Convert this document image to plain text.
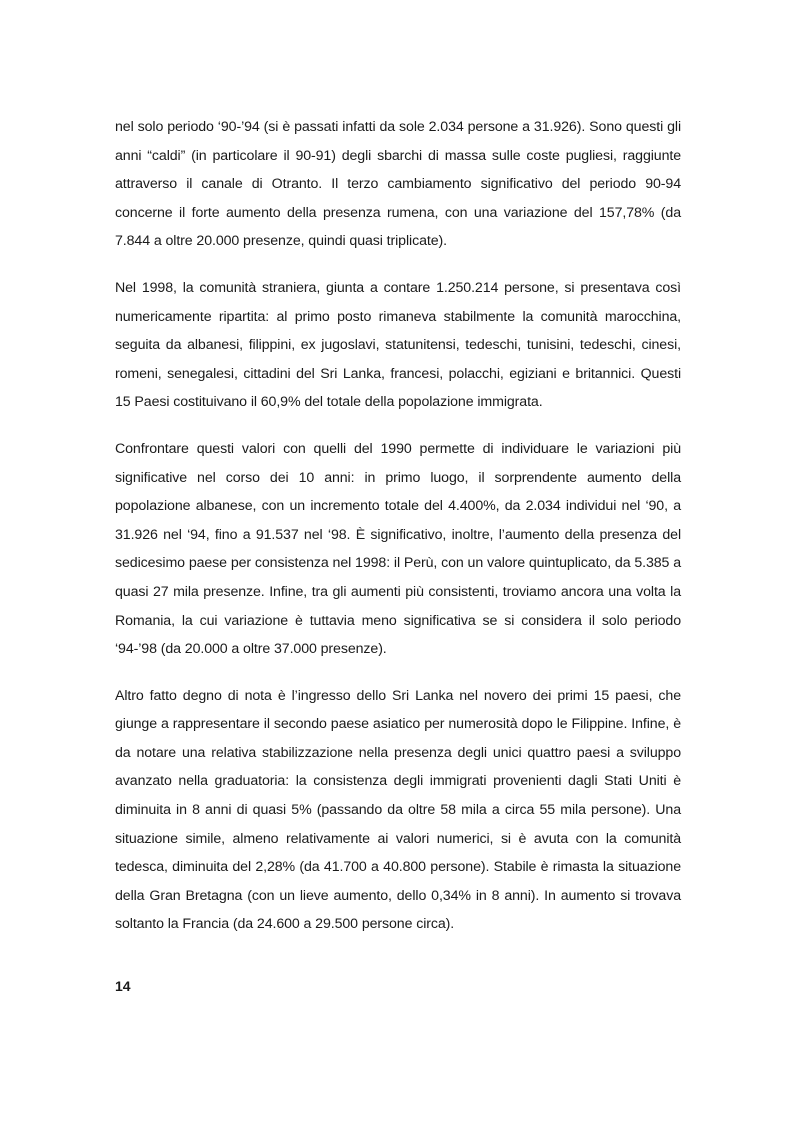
nel solo periodo ‘90-’94 (si è passati infatti da sole 2.034 persone a 31.926). Sono questi gli anni “caldi” (in particolare il 90-91) degli sbarchi di massa sulle coste pugliesi, raggiunte attraverso il canale di Otranto. Il terzo cambiamento significativo del periodo 90-94 concerne il forte aumento della presenza rumena, con una variazione del 157,78% (da 7.844 a oltre 20.000 presenze, quindi quasi triplicate).

Nel 1998, la comunità straniera, giunta a contare 1.250.214 persone, si presentava così numericamente ripartita: al primo posto rimaneva stabilmente la comunità marocchina, seguita da albanesi, filippini, ex jugoslavi, statunitensi, tedeschi, tunisini, tedeschi, cinesi, romeni, senegalesi, cittadini del Sri Lanka, francesi, polacchi, egiziani e britannici. Questi 15 Paesi costituivano il 60,9% del totale della popolazione immigrata.

Confrontare questi valori con quelli del 1990 permette di individuare le variazioni più significative nel corso dei 10 anni: in primo luogo, il sorprendente aumento della popolazione albanese, con un incremento totale del 4.400%, da 2.034 individui nel ‘90, a 31.926 nel ‘94, fino a 91.537 nel ‘98. È significativo, inoltre, l’aumento della presenza del sedicesimo paese per consistenza nel 1998: il Perù, con un valore quintuplicato, da 5.385 a quasi 27 mila presenze. Infine, tra gli aumenti più consistenti, troviamo ancora una volta la Romania, la cui variazione è tuttavia meno significativa se si considera il solo periodo ‘94-’98 (da 20.000 a oltre 37.000 presenze).

Altro fatto degno di nota è l’ingresso dello Sri Lanka nel novero dei primi 15 paesi, che giunge a rappresentare il secondo paese asiatico per numerosità dopo le Filippine. Infine, è da notare una relativa stabilizzazione nella presenza degli unici quattro paesi a sviluppo avanzato nella graduatoria: la consistenza degli immigrati provenienti dagli Stati Uniti è diminuita in 8 anni di quasi 5% (passando da oltre 58 mila a circa 55 mila persone). Una situazione simile, almeno relativamente ai valori numerici, si è avuta con la comunità tedesca, diminuita del 2,28% (da 41.700 a 40.800 persone). Stabile è rimasta la situazione della Gran Bretagna (con un lieve aumento, dello 0,34% in 8 anni). In aumento si trovava soltanto la Francia (da 24.600 a 29.500 persone circa).

14
